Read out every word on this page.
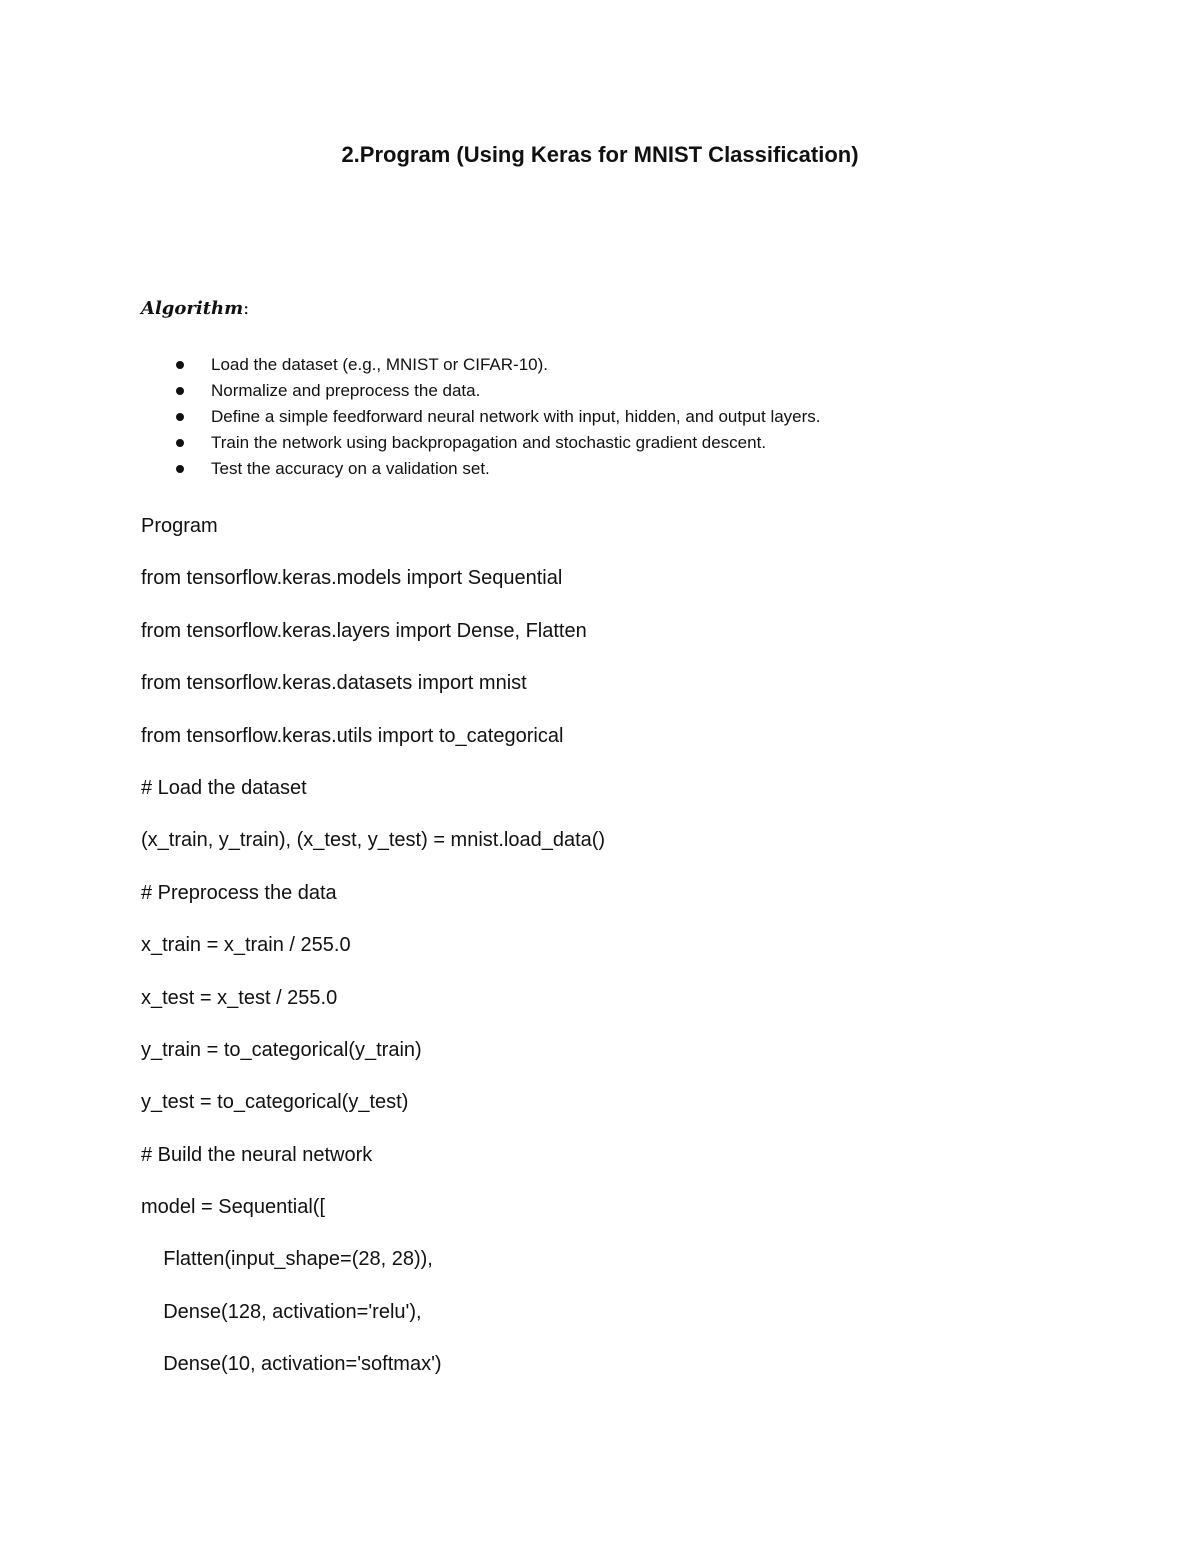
2.Program (Using Keras for MNIST Classification)
Algorithm:
Load the dataset (e.g., MNIST or CIFAR-10).
Normalize and preprocess the data.
Define a simple feedforward neural network with input, hidden, and output layers.
Train the network using backpropagation and stochastic gradient descent.
Test the accuracy on a validation set.
Program
from tensorflow.keras.models import Sequential
from tensorflow.keras.layers import Dense, Flatten
from tensorflow.keras.datasets import mnist
from tensorflow.keras.utils import to_categorical
# Load the dataset
(x_train, y_train), (x_test, y_test) = mnist.load_data()
# Preprocess the data
x_train = x_train / 255.0
x_test = x_test / 255.0
y_train = to_categorical(y_train)
y_test = to_categorical(y_test)
# Build the neural network
model = Sequential([
Flatten(input_shape=(28, 28)),
Dense(128, activation='relu'),
Dense(10, activation='softmax')
